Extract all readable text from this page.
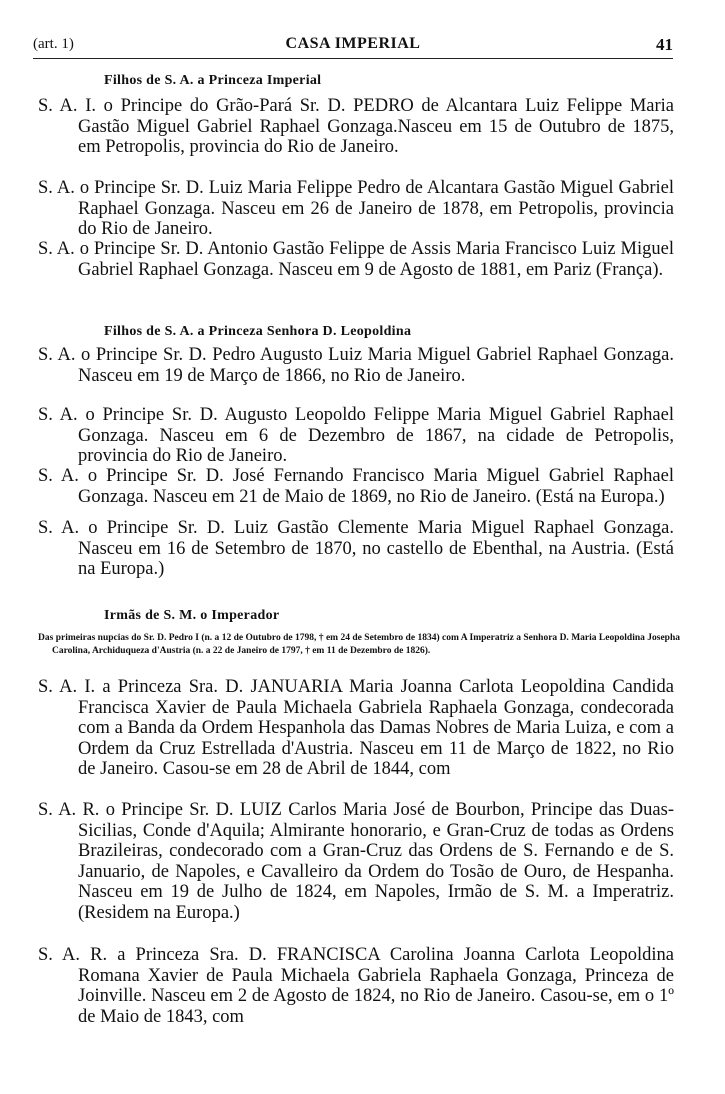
(art. 1)	CASA IMPERIAL	41
Filhos de S. A. a Princeza Imperial
S. A. I. o Principe do Grão-Pará Sr. D. PEDRO de Alcantara Luiz Felippe Maria Gastão Miguel Gabriel Raphael Gonzaga.Nasceu em 15 de Outubro de 1875, em Petropolis, provincia do Rio de Janeiro.
S. A. o Principe Sr. D. Luiz Maria Felippe Pedro de Alcantara Gastão Miguel Gabriel Raphael Gonzaga. Nasceu em 26 de Janeiro de 1878, em Petropolis, provincia do Rio de Janeiro.
S. A. o Principe Sr. D. Antonio Gastão Felippe de Assis Maria Francisco Luiz Miguel Gabriel Raphael Gonzaga. Nasceu em 9 de Agosto de 1881, em Pariz (França).
Filhos de S. A. a Princeza Senhora D. Leopoldina
S. A. o Principe Sr. D. Pedro Augusto Luiz Maria Miguel Gabriel Raphael Gonzaga. Nasceu em 19 de Março de 1866, no Rio de Janeiro.
S. A. o Principe Sr. D. Augusto Leopoldo Felippe Maria Miguel Gabriel Raphael Gonzaga. Nasceu em 6 de Dezembro de 1867, na cidade de Petropolis, provincia do Rio de Janeiro.
S. A. o Principe Sr. D. José Fernando Francisco Maria Miguel Gabriel Raphael Gonzaga. Nasceu em 21 de Maio de 1869, no Rio de Janeiro. (Está na Europa.)
S. A. o Principe Sr. D. Luiz Gastão Clemente Maria Miguel Raphael Gonzaga. Nasceu em 16 de Setembro de 1870, no castello de Ebenthal, na Austria. (Está na Europa.)
Irmãs de S. M. o Imperador
Das primeiras nupcias do Sr. D. Pedro I (n. a 12 de Outubro de 1798, † em 24 de Setembro de 1834) com A Imperatriz a Senhora D. Maria Leopoldina Josepha Carolina, Archiduqueza d'Austria (n. a 22 de Janeiro de 1797, † em 11 de Dezembro de 1826).
S. A. I. a Princeza Sra. D. JANUARIA Maria Joanna Carlota Leopoldina Candida Francisca Xavier de Paula Michaela Gabriela Raphaela Gonzaga, condecorada com a Banda da Ordem Hespanhola das Damas Nobres de Maria Luiza, e com a Ordem da Cruz Estrellada d'Austria. Nasceu em 11 de Março de 1822, no Rio de Janeiro. Casou-se em 28 de Abril de 1844, com
S. A. R. o Principe Sr. D. LUIZ Carlos Maria José de Bourbon, Principe das Duas-Sicilias, Conde d'Aquila; Almirante honorario, e Gran-Cruz de todas as Ordens Brazileiras, condecorado com a Gran-Cruz das Ordens de S. Fernando e de S. Januario, de Napoles, e Cavalleiro da Ordem do Tosão de Ouro, de Hespanha. Nasceu em 19 de Julho de 1824, em Napoles, Irmão de S. M. a Imperatriz. (Residem na Europa.)
S. A. R. a Princeza Sra. D. FRANCISCA Carolina Joanna Carlota Leopoldina Romana Xavier de Paula Michaela Gabriela Raphaela Gonzaga, Princeza de Joinville. Nasceu em 2 de Agosto de 1824, no Rio de Janeiro. Casou-se, em o 1º de Maio de 1843, com
